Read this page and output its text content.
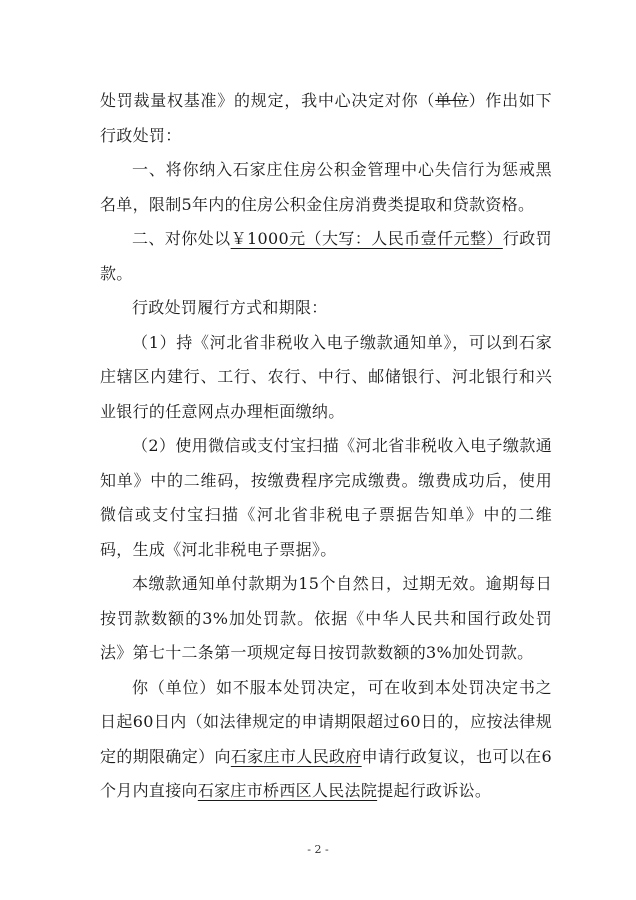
处罚裁量权基准》的规定，我中心决定对你（单位）作出如下行政处罚：

一、将你纳入石家庄住房公积金管理中心失信行为惩戒黑名单，限制5年内的住房公积金住房消费类提取和贷款资格。

二、对你处以￥1000元（大写：人民币壹仟元整）行政罚款。

行政处罚履行方式和期限：

（1）持《河北省非税收入电子缴款通知单》，可以到石家庄辖区内建行、工行、农行、中行、邮储银行、河北银行和兴业银行的任意网点办理柜面缴纳。

（2）使用微信或支付宝扫描《河北省非税收入电子缴款通知单》中的二维码，按缴费程序完成缴费。缴费成功后，使用微信或支付宝扫描《河北省非税电子票据告知单》中的二维码，生成《河北非税电子票据》。

本缴款通知单付款期为15个自然日，过期无效。逾期每日按罚款数额的3%加处罚款。依据《中华人民共和国行政处罚法》第七十二条第一项规定每日按罚款数额的3%加处罚款。

你（单位）如不服本处罚决定，可在收到本处罚决定书之日起60日内（如法律规定的申请期限超过60日的，应按法律规定的期限确定）向石家庄市人民政府申请行政复议，也可以在6个月内直接向石家庄市桥西区人民法院提起行政诉讼。

- 2 -
